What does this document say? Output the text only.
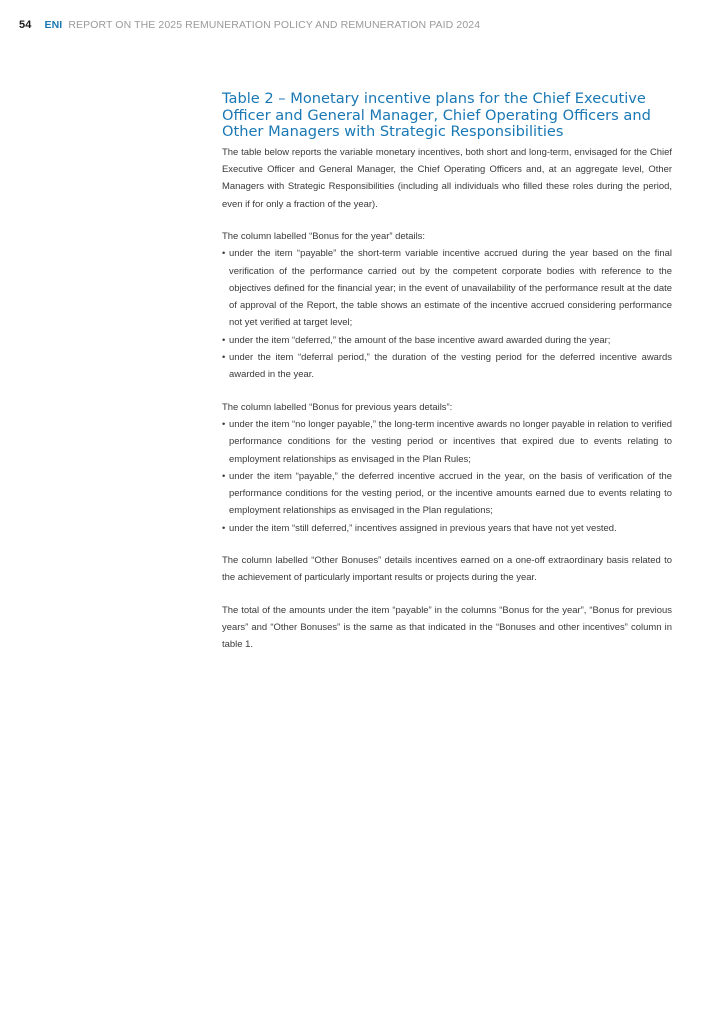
54 ENI REPORT ON THE 2025 REMUNERATION POLICY AND REMUNERATION PAID 2024
Table 2 – Monetary incentive plans for the Chief Executive Officer and General Manager, Chief Operating Officers and Other Managers with Strategic Responsibilities

The table below reports the variable monetary incentives, both short and long-term, envisaged for the Chief Executive Officer and General Manager, the Chief Operating Officers and, at an aggregate level, Other Managers with Strategic Responsibilities (including all individuals who filled these roles during the period, even if for only a fraction of the year).

The column labelled “Bonus for the year” details:

• under the item “payable” the short-term variable incentive accrued during the year based on the final verification of the performance carried out by the competent corporate bodies with reference to the objectives defined for the financial year; in the event of unavailability of the performance result at the date of approval of the Report, the table shows an estimate of the incentive accrued considering performance not yet verified at target level;
• under the item “deferred,” the amount of the base incentive award awarded during the year;
• under the item “deferral period,” the duration of the vesting period for the deferred incentive awards awarded in the year.

The column labelled “Bonus for previous years details”:

• under the item “no longer payable,” the long-term incentive awards no longer payable in relation to verified performance conditions for the vesting period or incentives that expired due to events relating to employment relationships as envisaged in the Plan Rules;
• under the item “payable,” the deferred incentive accrued in the year, on the basis of verification of the performance conditions for the vesting period, or the incentive amounts earned due to events relating to employment relationships as envisaged in the Plan regulations;
• under the item “still deferred,” incentives assigned in previous years that have not yet vested.

The column labelled “Other Bonuses” details incentives earned on a one-off extraordinary basis related to the achievement of particularly important results or projects during the year.

The total of the amounts under the item “payable” in the columns “Bonus for the year”, “Bonus for previous years” and “Other Bonuses” is the same as that indicated in the “Bonuses and other incentives” column in table 1.
